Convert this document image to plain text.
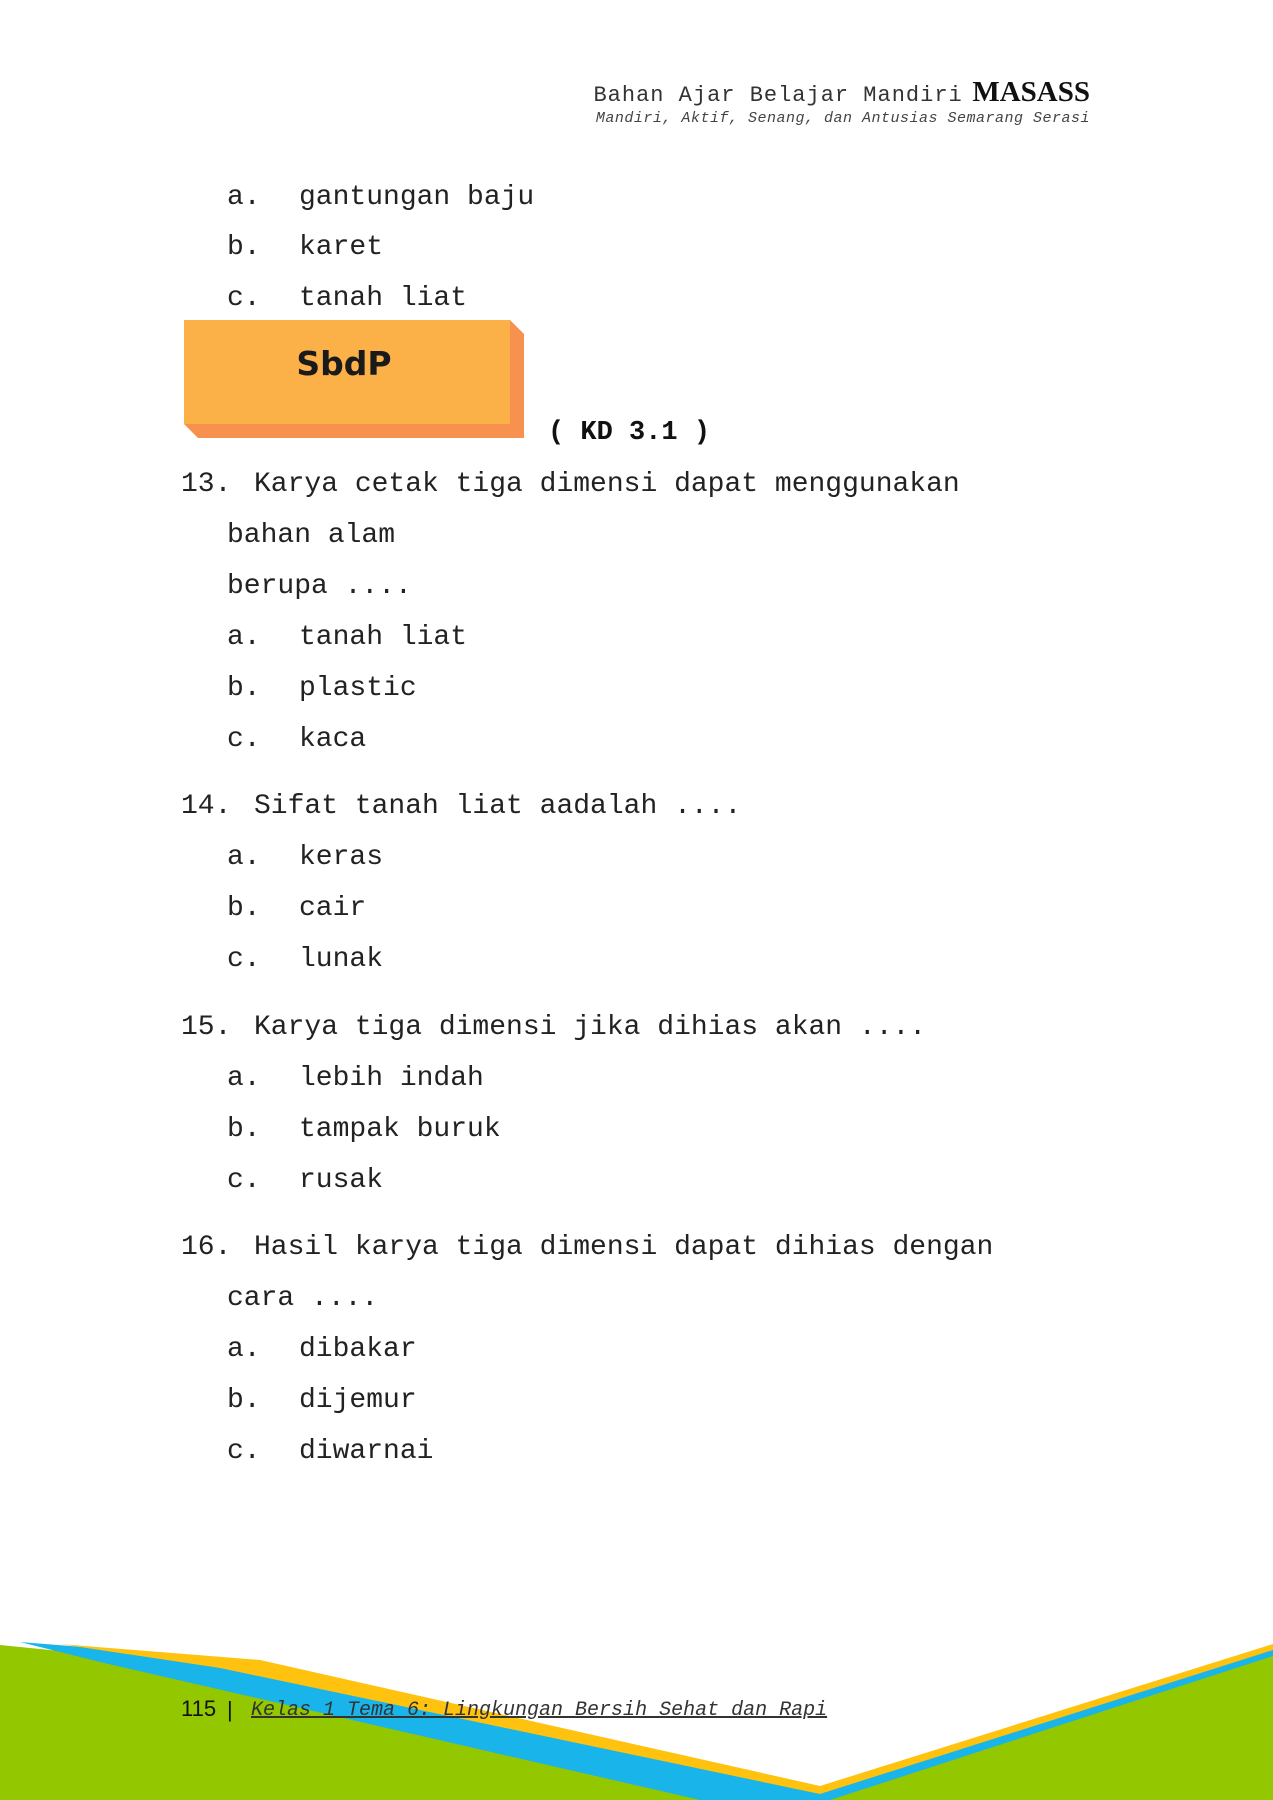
Bahan Ajar Belajar Mandiri MASASS
Mandiri, Aktif, Senang, dan Antusias Semarang Serasi
a. gantungan baju
b. karet
c. tanah liat
SbdP
( KD 3.1 )
13. Karya cetak tiga dimensi dapat menggunakan
bahan alam
berupa ....
a. tanah liat
b. plastic
c. kaca
14. Sifat tanah liat aadalah ....
a. keras
b. cair
c. lunak
15. Karya tiga dimensi jika dihias akan ....
a. lebih indah
b. tampak buruk
c. rusak
16. Hasil karya tiga dimensi dapat dihias dengan
cara ....
a. dibakar
b. dijemur
c. diwarnai
115 | Kelas 1 Tema 6: Lingkungan Bersih Sehat dan Rapi
